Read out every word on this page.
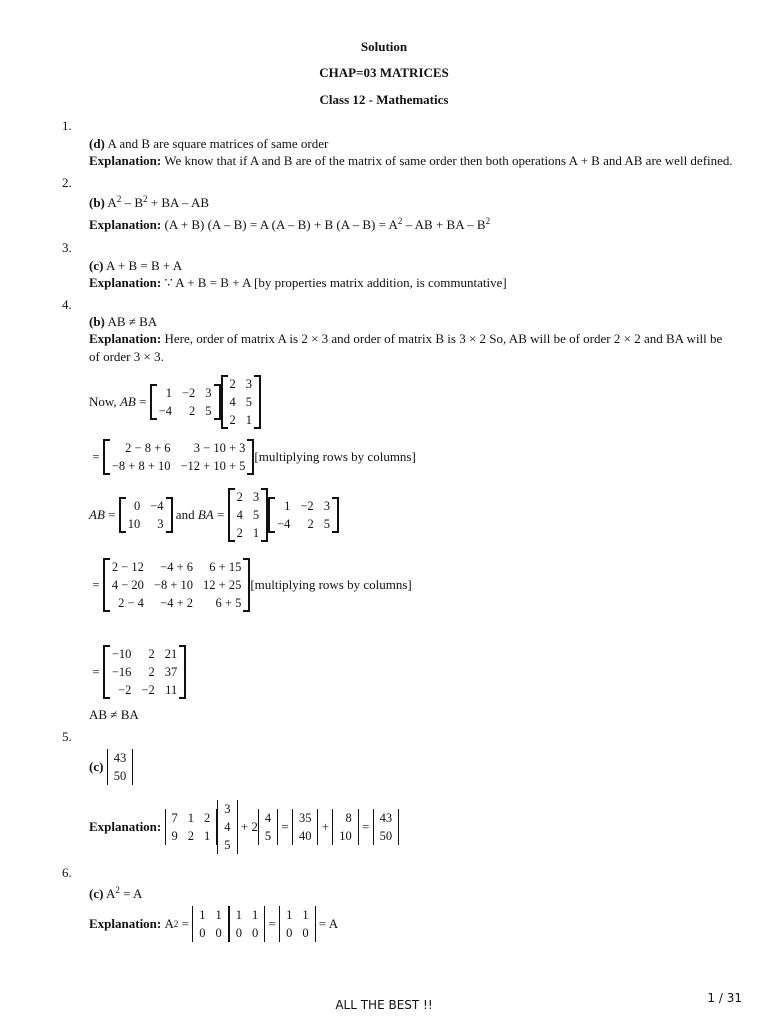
Solution
CHAP=03 MATRICES
Class 12 - Mathematics
1.
(d) A and B are square matrices of same order
Explanation: We know that if A and B are of the matrix of same order then both operations A + B and AB are well defined.
2.
(b) $A^2 - B^2$ + BA – AB
Explanation: (A + B) (A – B) = A (A – B) + B $(A - B) = A^2$ – AB + BA – $B^2$
3.
(c) A + B = B + A
Explanation: ∵ A + B = B + A [by properties matrix addition, is communtative]
4.
(b) AB ≠ BA
Explanation: Here, order of matrix A is 2 × 3 and order of matrix B is 3 × 2 So, AB will be of order 2 × 2 and BA will be
of order 3 × 3.
Now,
AB =
1	−2	3
−4	2	5
2	3
4	5
2	1
=
2 − 8 + 6	3 − 10 + 3
−8 + 8 + 10	−12 + 10 + 5
[multiplying rows by columns]
AB =
0	−4
10	3

and
BA =
2	3
4	5
2	1
1	−2	3
−4	2	5
=
2 − 12	−4 + 6	6 + 15
4 − 20	−8 + 10	12 + 25
2 − 4	−4 + 2	6 + 5
[multiplying rows by columns]
=
−10	2	21
−16	2	37
−2	−2	11
AB ≠ BA
5.
(c)

43
50
Explanation:

7	1	2
9	2	1
3
4
5
+ 2
4
5
=
35
40
+
8
10
=
43
50
6.
(c) $A^2 = A$
Explanation: A 2 =
1	1
0	0
1	1
0	0
=
1	1
0	0
= A
ALL THE BEST !!	1 / 31
